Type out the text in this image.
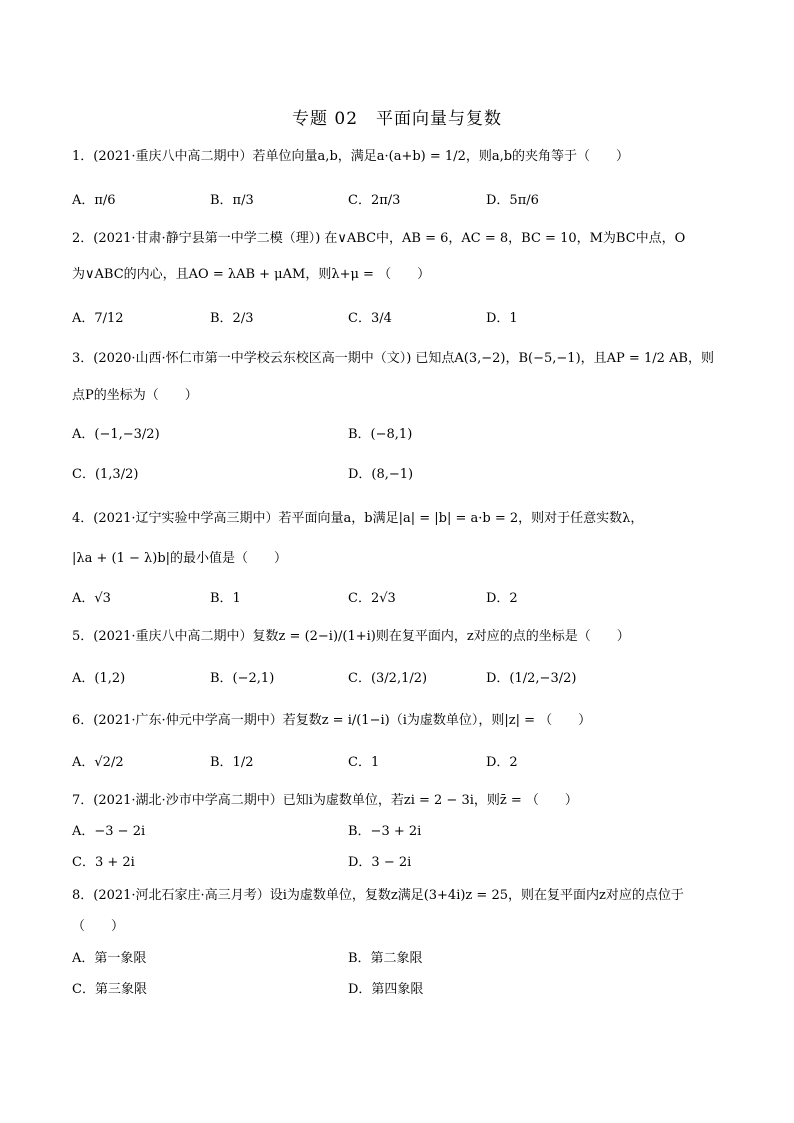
专题 02　平面向量与复数
1．(2021·重庆八中高二期中）若单位向量a,b，满足a·(a+b) = 1/2，则a,b的夹角等于（　　）
A．π/6	B．π/3	C．2π/3	D．5π/6
2．(2021·甘肃·静宁县第一中学二模（理）) 在∨ABC中，AB = 6，AC = 8，BC = 10，M为BC中点，O
为∨ABC的内心，且AO = λAB + μAM，则λ+μ = （　　）
A．7/12	B．2/3	C．3/4	D．1
3．(2020·山西·怀仁市第一中学校云东校区高一期中（文）) 已知点A(3,−2)，B(−5,−1)，且AP = 1/2 AB，则
点P的坐标为（　　）
A．(−1,−3/2)	B．(−8,1)
C．(1,3/2)	D．(8,−1)
4．(2021·辽宁实验中学高三期中）若平面向量a，b满足|a| = |b| = a·b = 2，则对于任意实数λ，
|λa + (1 − λ)b|的最小值是（　　）
A．√3	B．1	C．2√3	D．2
5．(2021·重庆八中高二期中）复数z = (2−i)/(1+i)则在复平面内，z对应的点的坐标是（　　）
A．(1,2)	B．(−2,1)	C．(3/2,1/2)	D．(1/2,−3/2)
6．(2021·广东·仲元中学高一期中）若复数z = i/(1−i)（i为虚数单位），则|z| = （　　）
A．√2/2	B．1/2	C．1	D．2
7．(2021·湖北·沙市中学高二期中）已知i为虚数单位，若zi = 2 − 3i，则z̄ = （　　）
A．−3 − 2i	B．−3 + 2i
C．3 + 2i	D．3 − 2i
8．(2021·河北石家庄·高三月考）设i为虚数单位，复数z满足(3+4i)z = 25，则在复平面内z对应的点位于
（　　）
A．第一象限	B．第二象限
C．第三象限	D．第四象限
